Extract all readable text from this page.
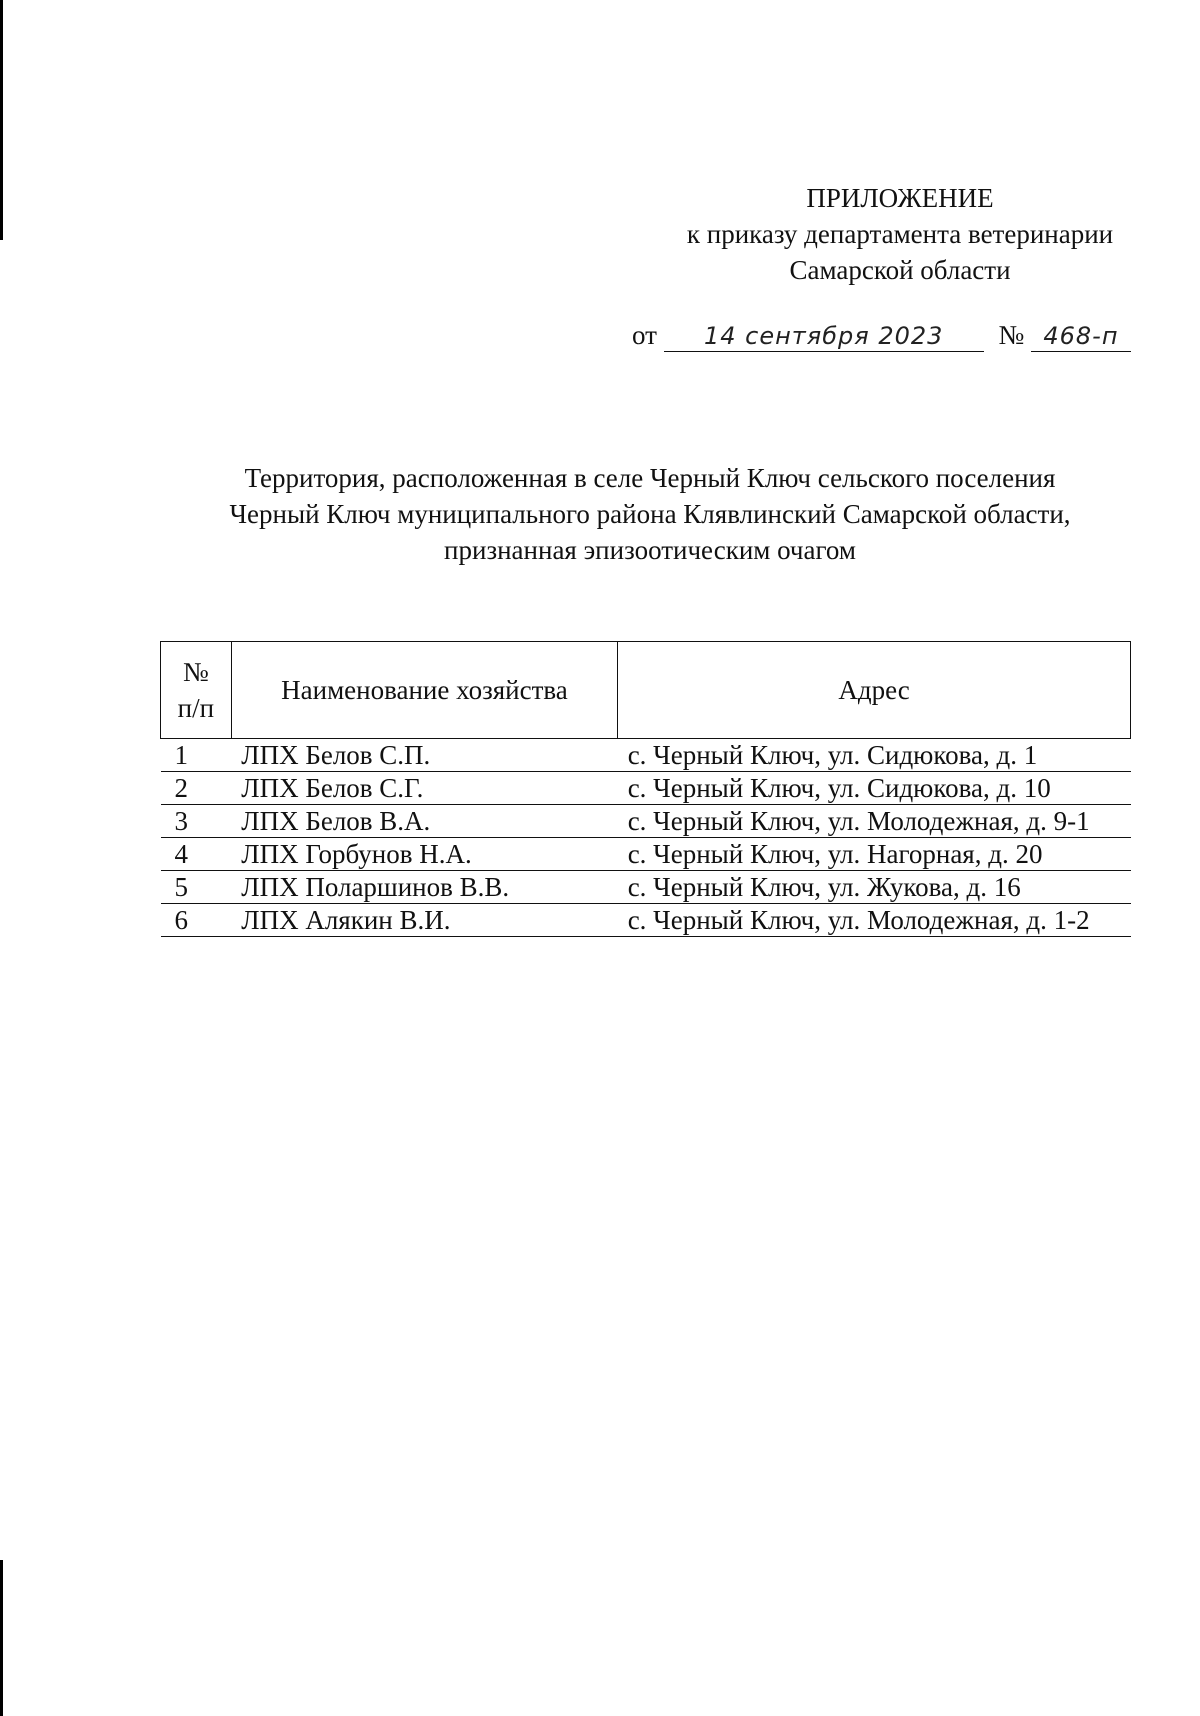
ПРИЛОЖЕНИЕ
к приказу департамента ветеринарии
Самарской области
от 14 сентября 2023 № 468-п
Территория, расположенная в селе Черный Ключ сельского поселения
Черный Ключ муниципального района Клявлинский Самарской области,
признанная эпизоотическим очагом
№
п/п	Наименование хозяйства	Адрес
1	ЛПХ Белов С.П.	с. Черный Ключ, ул. Сидюкова, д. 1
2	ЛПХ Белов С.Г.	с. Черный Ключ, ул. Сидюкова, д. 10
3	ЛПХ Белов В.А.	с. Черный Ключ, ул. Молодежная, д. 9-1
4	ЛПХ Горбунов Н.А.	с. Черный Ключ, ул. Нагорная, д. 20
5	ЛПХ Поларшинов В.В.	с. Черный Ключ, ул. Жукова, д. 16
6	ЛПХ Алякин В.И.	с. Черный Ключ, ул. Молодежная, д. 1-2
